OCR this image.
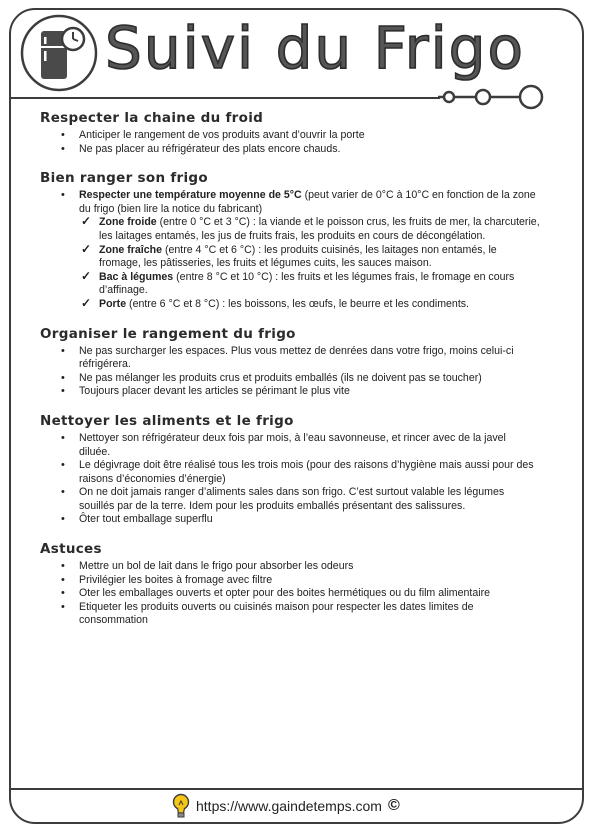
Suivi du Frigo
Respecter la chaine du froid
• Anticiper le rangement de vos produits avant d’ouvrir la porte
• Ne pas placer au réfrigérateur des plats encore chauds.
Bien ranger son frigo
• Respecter une température moyenne de 5°C (peut varier de 0°C à 10°C en fonction de la zone du frigo (bien lire la notice du fabricant)
✓ Zone froide (entre 0 °C et 3 °C) : la viande et le poisson crus, les fruits de mer, la charcuterie, les laitages entamés, les jus de fruits frais, les produits en cours de décongélation.
✓ Zone fraîche (entre 4 °C et 6 °C) : les produits cuisinés, les laitages non entamés, le fromage, les pâtisseries, les fruits et légumes cuits, les sauces maison.
✓ Bac à légumes (entre 8 °C et 10 °C) : les fruits et les légumes frais, le fromage en cours d’affinage.
✓ Porte (entre 6 °C et 8 °C) : les boissons, les œufs, le beurre et les condiments.
Organiser le rangement du frigo
• Ne pas surcharger les espaces. Plus vous mettez de denrées dans votre frigo, moins celui-ci réfrigérera.
• Ne pas mélanger les produits crus et produits emballés (ils ne doivent pas se toucher)
• Toujours placer devant les articles se périmant le plus vite
Nettoyer les aliments et le frigo
• Nettoyer son réfrigérateur deux fois par mois, à l’eau savonneuse, et rincer avec de la javel diluée.
• Le dégivrage doit être réalisé tous les trois mois (pour des raisons d’hygiène mais aussi pour des raisons d’économies d’énergie)
• On ne doit jamais ranger d’aliments sales dans son frigo. C’est surtout valable les légumes souillés par de la terre. Idem pour les produits emballés présentant des salissures.
• Ôter tout emballage superflu
Astuces
• Mettre un bol de lait dans le frigo pour absorber les odeurs
• Privilégier les boites à fromage avec filtre
• Oter les emballages ouverts et opter pour des boites hermétiques ou du film alimentaire
• Etiqueter les produits ouverts ou cuisinés maison pour respecter les dates limites de consommation
https://www.gaindetemps.com ©
